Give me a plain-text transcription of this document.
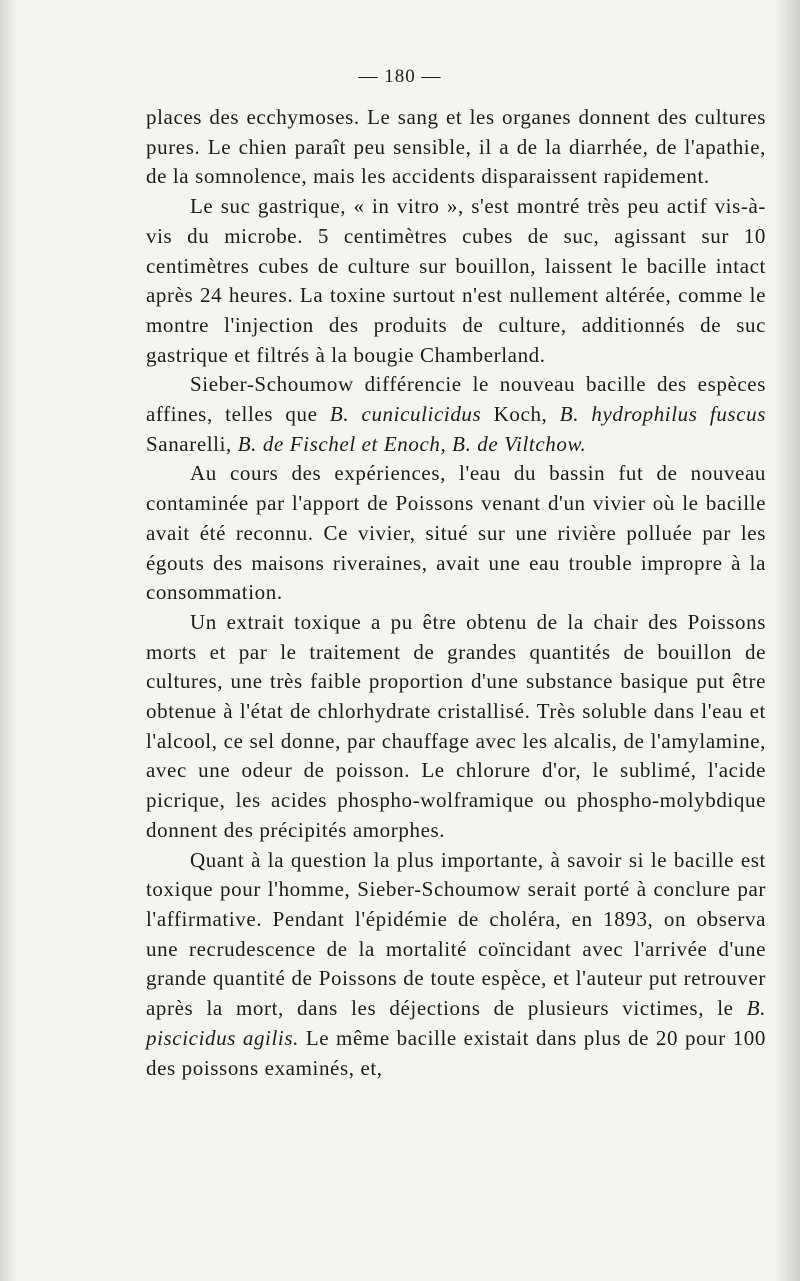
— 180 —

places des ecchymoses. Le sang et les organes donnent des cultures pures. Le chien paraît peu sensible, il a de la diarrhée, de l'apathie, de la somnolence, mais les accidents disparaissent rapidement.

Le suc gastrique, « in vitro », s'est montré très peu actif vis-à-vis du microbe. 5 centimètres cubes de suc, agissant sur 10 centimètres cubes de culture sur bouillon, laissent le bacille intact après 24 heures. La toxine surtout n'est nullement altérée, comme le montre l'injection des produits de culture, additionnés de suc gastrique et filtrés à la bougie Chamberland.

Sieber-Schoumow différencie le nouveau bacille des espèces affines, telles que B. cuniculicidus Koch, B. hydrophilus fuscus Sanarelli, B. de Fischel et Enoch, B. de Viltchow.

Au cours des expériences, l'eau du bassin fut de nouveau contaminée par l'apport de Poissons venant d'un vivier où le bacille avait été reconnu. Ce vivier, situé sur une rivière polluée par les égouts des maisons riveraines, avait une eau trouble impropre à la consommation.

Un extrait toxique a pu être obtenu de la chair des Poissons morts et par le traitement de grandes quantités de bouillon de cultures, une très faible proportion d'une substance basique put être obtenue à l'état de chlorhydrate cristallisé. Très soluble dans l'eau et l'alcool, ce sel donne, par chauffage avec les alcalis, de l'amylamine, avec une odeur de poisson. Le chlorure d'or, le sublimé, l'acide picrique, les acides phospho-wolframique ou phospho-molybdique donnent des précipités amorphes.

Quant à la question la plus importante, à savoir si le bacille est toxique pour l'homme, Sieber-Schoumow serait porté à conclure par l'affirmative. Pendant l'épidémie de choléra, en 1893, on observa une recrudescence de la mortalité coïncidant avec l'arrivée d'une grande quantité de Poissons de toute espèce, et l'auteur put retrouver après la mort, dans les déjections de plusieurs victimes, le B. piscicidus agilis. Le même bacille existait dans plus de 20 pour 100 des poissons examinés, et,
